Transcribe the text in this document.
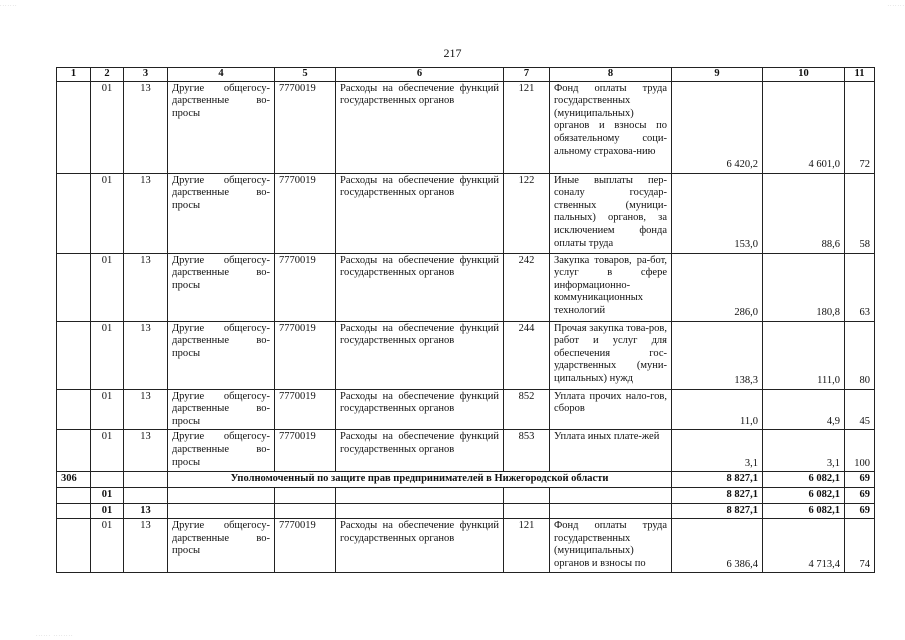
217
1	2	3	4	5	6	7	8	9	10	11
	01	13	Другие общегосу-дарственные во-просы	7770019	Расходы на обеспечение функций государственных органов	121	Фонд оплаты труда государственных (муниципальных) органов и взносы по обязательному соци-альному страхова-нию	6 420,2	4 601,0	72
	01	13	Другие общегосу-дарственные во-просы	7770019	Расходы на обеспечение функций государственных органов	122	Иные выплаты пер-соналу государ-ственных (муници-пальных) органов, за исключением фонда оплаты труда	153,0	88,6	58
	01	13	Другие общегосу-дарственные во-просы	7770019	Расходы на обеспечение функций государственных органов	242	Закупка товаров, ра-бот, услуг в сфере информационно-коммуникационных технологий	286,0	180,8	63
	01	13	Другие общегосу-дарственные во-просы	7770019	Расходы на обеспечение функций государственных органов	244	Прочая закупка това-ров, работ и услуг для обеспечения гос-ударственных (муни-ципальных) нужд	138,3	111,0	80
	01	13	Другие общегосу-дарственные во-просы	7770019	Расходы на обеспечение функций государственных органов	852	Уплата прочих нало-гов, сборов	11,0	4,9	45
	01	13	Другие общегосу-дарственные во-просы	7770019	Расходы на обеспечение функций государственных органов	853	Уплата иных плате-жей	3,1	3,1	100
306			Уполномоченный по защите прав предпринимателей в Нижегородской области					8 827,1	6 082,1	69
	01							8 827,1	6 082,1	69
	01	13						8 827,1	6 082,1	69
	01	13	Другие общегосу-дарственные во-просы	7770019	Расходы на обеспечение функций государственных органов	121	Фонд оплаты труда государственных (муниципальных) органов и взносы по	6 386,4	4 713,4	74
.......	.......
...... ........
